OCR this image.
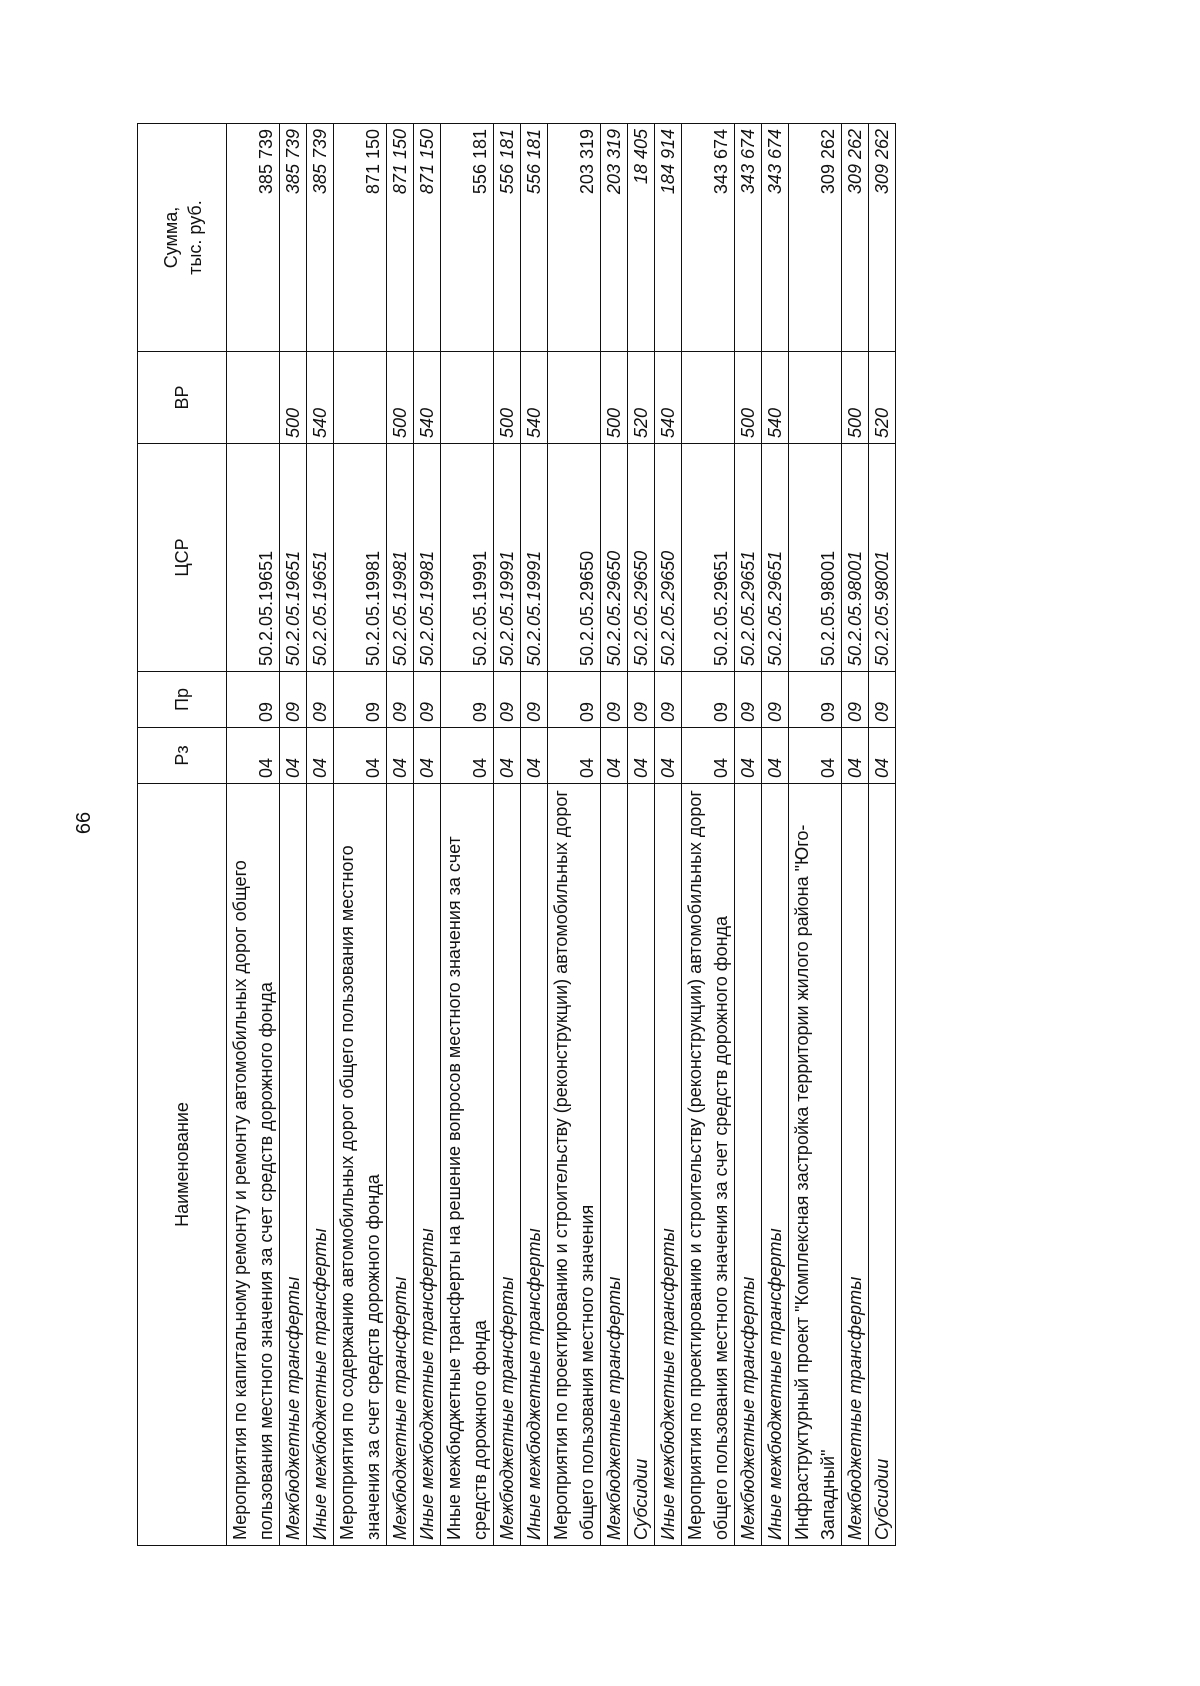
66
Наименование	Рз	Пр	ЦСР	ВР	Сумма, тыс. руб.

Мероприятия по капитальному ремонту и ремонту автомобильных дорог общего пользования местного значения за счет средств дорожного фонда	04	09	50.2.05.19651		385 739
Межбюджетные трансферты	04	09	50.2.05.19651	500	385 739
Иные межбюджетные трансферты	04	09	50.2.05.19651	540	385 739
Мероприятия по содержанию автомобильных дорог общего пользования местного значения за счет средств дорожного фонда	04	09	50.2.05.19981		871 150
Межбюджетные трансферты	04	09	50.2.05.19981	500	871 150
Иные межбюджетные трансферты	04	09	50.2.05.19981	540	871 150
Иные межбюджетные трансферты на решение вопросов местного значения за счет средств дорожного фонда	04	09	50.2.05.19991		556 181
Межбюджетные трансферты	04	09	50.2.05.19991	500	556 181
Иные межбюджетные трансферты	04	09	50.2.05.19991	540	556 181
Мероприятия по проектированию и строительству (реконструкции) автомобильных дорог общего пользования местного значения	04	09	50.2.05.29650		203 319
Межбюджетные трансферты	04	09	50.2.05.29650	500	203 319
Субсидии	04	09	50.2.05.29650	520	18 405
Иные межбюджетные трансферты	04	09	50.2.05.29650	540	184 914
Мероприятия по проектированию и строительству (реконструкции) автомобильных дорог общего пользования местного значения за счет средств дорожного фонда	04	09	50.2.05.29651		343 674
Межбюджетные трансферты	04	09	50.2.05.29651	500	343 674
Иные межбюджетные трансферты	04	09	50.2.05.29651	540	343 674
Инфраструктурный проект "Комплексная застройка территории жилого района "Юго-Западный"	04	09	50.2.05.98001		309 262
Межбюджетные трансферты	04	09	50.2.05.98001	500	309 262
Субсидии	04	09	50.2.05.98001	520	309 262
